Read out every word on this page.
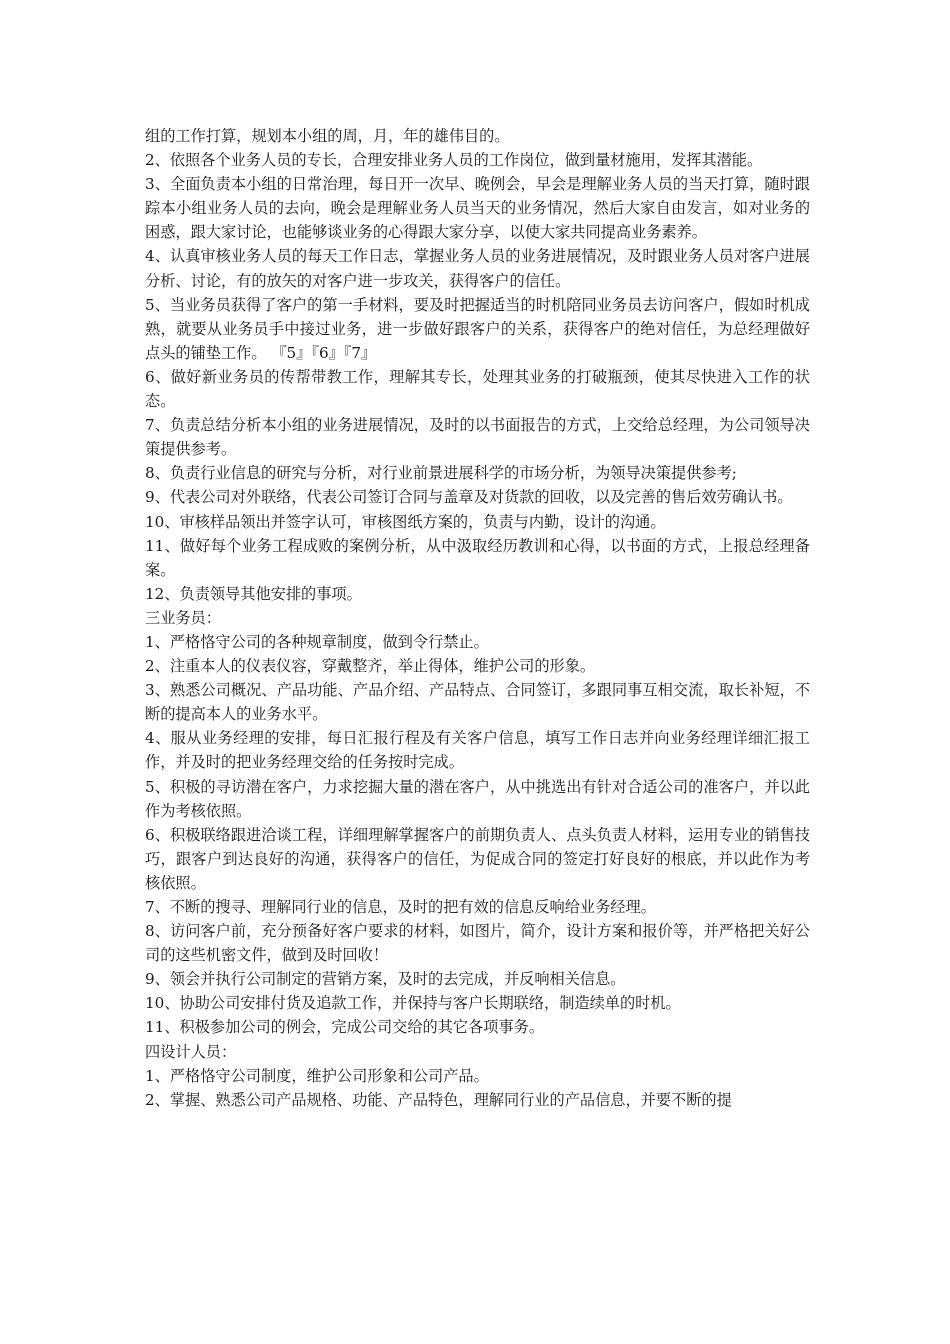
组的工作打算，规划本小组的周，月，年的雄伟目的。

2、依照各个业务人员的专长，合理安排业务人员的工作岗位，做到量材施用，发挥其潜能。

3、全面负责本小组的日常治理，每日开一次早、晚例会，早会是理解业务人员的当天打算，随时跟踪本小组业务人员的去向，晚会是理解业务人员当天的业务情况，然后大家自由发言，如对业务的困惑，跟大家讨论，也能够谈业务的心得跟大家分享，以使大家共同提高业务素养。

4、认真审核业务人员的每天工作日志，掌握业务人员的业务进展情况，及时跟业务人员对客户进展分析、讨论，有的放矢的对客户进一步攻关，获得客户的信任。

5、当业务员获得了客户的第一手材料，要及时把握适当的时机陪同业务员去访问客户，假如时机成熟，就要从业务员手中接过业务，进一步做好跟客户的关系，获得客户的绝对信任，为总经理做好点头的铺垫工作。 『5』『6』『7』

6、做好新业务员的传帮带教工作，理解其专长，处理其业务的打破瓶颈，使其尽快进入工作的状态。

7、负责总结分析本小组的业务进展情况，及时的以书面报告的方式，上交给总经理，为公司领导决策提供参考。

8、负责行业信息的研究与分析，对行业前景进展科学的市场分析，为领导决策提供参考;

9、代表公司对外联络，代表公司签订合同与盖章及对货款的回收，以及完善的售后效劳确认书。

10、审核样品领出并签字认可，审核图纸方案的，负责与内勤，设计的沟通。

11、做好每个业务工程成败的案例分析，从中汲取经历教训和心得，以书面的方式，上报总经理备案。

12、负责领导其他安排的事项。

三业务员：

1、严格恪守公司的各种规章制度，做到令行禁止。

2、注重本人的仪表仪容，穿戴整齐，举止得体，维护公司的形象。

3、熟悉公司概况、产品功能、产品介绍、产品特点、合同签订，多跟同事互相交流，取长补短，不断的提高本人的业务水平。

4、服从业务经理的安排，每日汇报行程及有关客户信息，填写工作日志并向业务经理详细汇报工作，并及时的把业务经理交给的任务按时完成。

5、积极的寻访潜在客户，力求挖掘大量的潜在客户，从中挑选出有针对合适公司的准客户，并以此作为考核依照。

6、积极联络跟进洽谈工程，详细理解掌握客户的前期负责人、点头负责人材料，运用专业的销售技巧，跟客户到达良好的沟通，获得客户的信任，为促成合同的签定打好良好的根底，并以此作为考核依照。

7、不断的搜寻、理解同行业的信息，及时的把有效的信息反响给业务经理。

8、访问客户前，充分预备好客户要求的材料，如图片，简介，设计方案和报价等，并严格把关好公司的这些机密文件，做到及时回收！

9、领会并执行公司制定的营销方案，及时的去完成，并反响相关信息。

10、协助公司安排付货及追款工作，并保持与客户长期联络，制造续单的时机。

11、积极参加公司的例会，完成公司交给的其它各项事务。

四设计人员：

1、严格恪守公司制度，维护公司形象和公司产品。

2、掌握、熟悉公司产品规格、功能、产品特色，理解同行业的产品信息，并要不断的提
